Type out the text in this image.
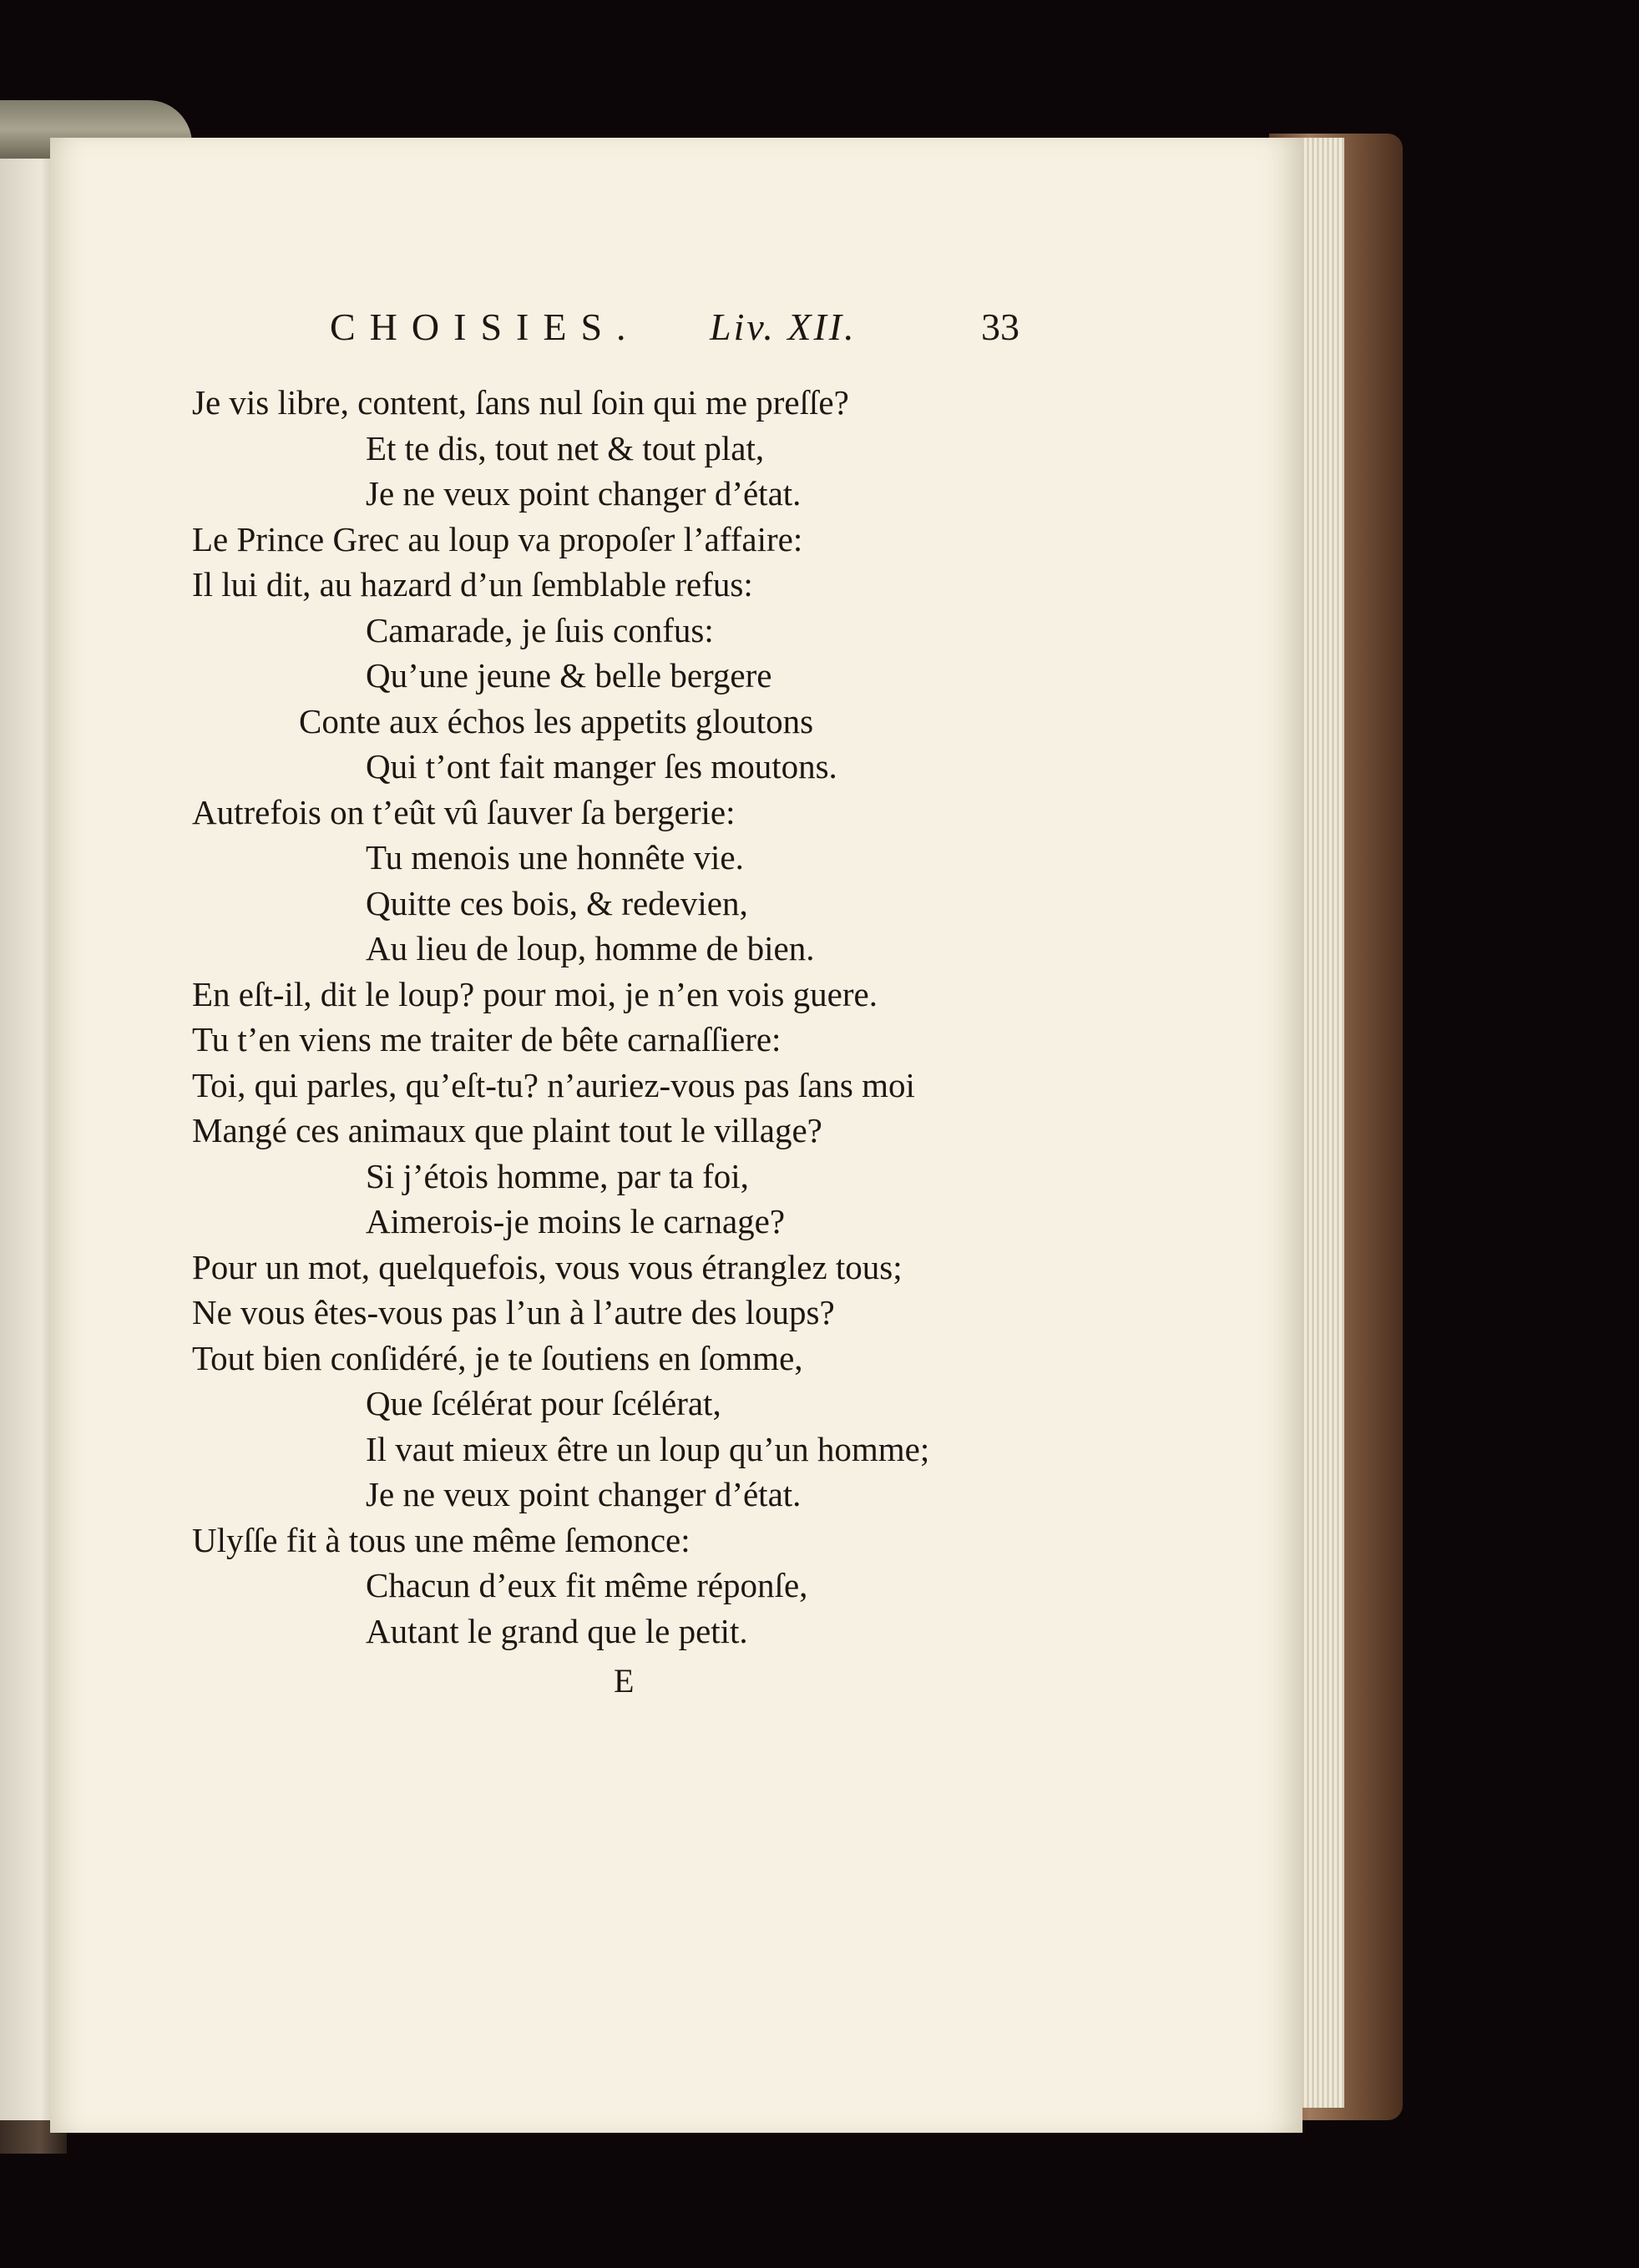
CHOISIES. Liv. XII.	33
Je vis libre, content, ſans nul ſoin qui me preſſe?
Et te dis, tout net & tout plat,
Je ne veux point changer d’état.
Le Prince Grec au loup va propoſer l’affaire:
Il lui dit, au hazard d’un ſemblable refus:
Camarade, je ſuis confus:
Qu’une jeune & belle bergere
Conte aux échos les appetits gloutons
Qui t’ont fait manger ſes moutons.
Autrefois on t’eût vû ſauver ſa bergerie:
Tu menois une honnête vie.
Quitte ces bois, & redevien,
Au lieu de loup, homme de bien.
En eſt-il, dit le loup? pour moi, je n’en vois guere.
Tu t’en viens me traiter de bête carnaſſiere:
Toi, qui parles, qu’eſt-tu? n’auriez-vous pas ſans moi
Mangé ces animaux que plaint tout le village?
Si j’étois homme, par ta foi,
Aimerois-je moins le carnage?
Pour un mot, quelquefois, vous vous étranglez tous;
Ne vous êtes-vous pas l’un à l’autre des loups?
Tout bien conſidéré, je te ſoutiens en ſomme,
Que ſcélérat pour ſcélérat,
Il vaut mieux être un loup qu’un homme;
Je ne veux point changer d’état.
Ulyſſe fit à tous une même ſemonce:
Chacun d’eux fit même réponſe,
Autant le grand que le petit.
E
